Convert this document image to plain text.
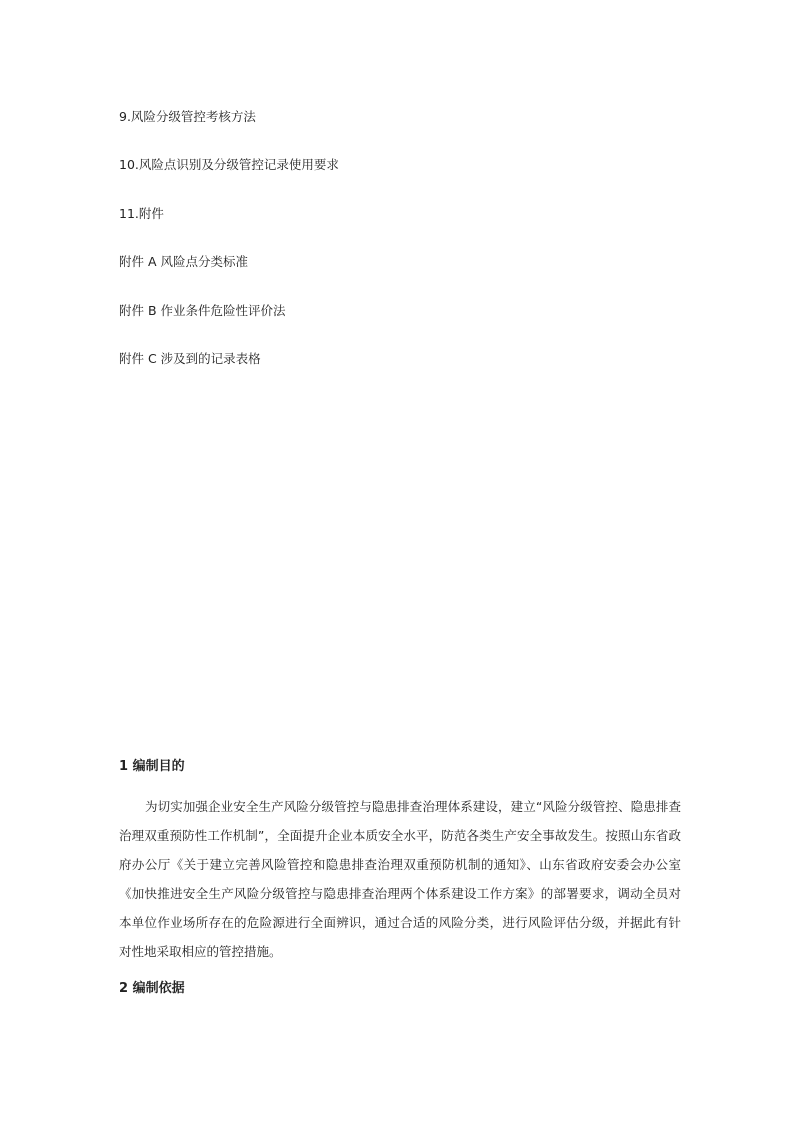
9.风险分级管控考核方法
10.风险点识别及分级管控记录使用要求
11.附件
附件 A 风险点分类标准
附件 B 作业条件危险性评价法
附件 C 涉及到的记录表格
1 编制目的

为切实加强企业安全生产风险分级管控与隐患排查治理体系建设，建立“风险分级管控、隐患排查治理双重预防性工作机制”，全面提升企业本质安全水平，防范各类生产安全事故发生。按照山东省政府办公厅《关于建立完善风险管控和隐患排查治理双重预防机制的通知》、山东省政府安委会办公室《加快推进安全生产风险分级管控与隐患排查治理两个体系建设工作方案》的部署要求，调动全员对本单位作业场所存在的危险源进行全面辨识，通过合适的风险分类，进行风险评估分级，并据此有针对性地采取相应的管控措施。

2 编制依据
